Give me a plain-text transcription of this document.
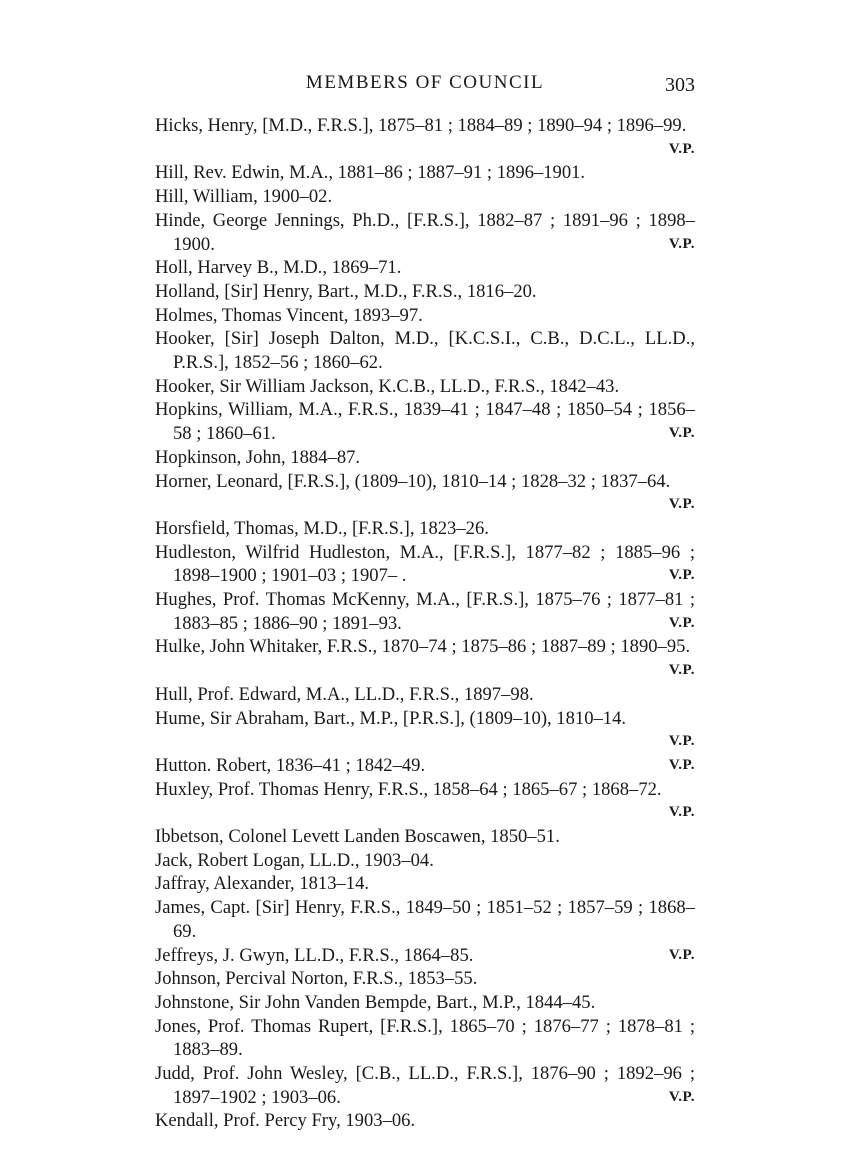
MEMBERS OF COUNCIL	303
Hicks, Henry, [M.D., F.R.S.], 1875–81 ; 1884–89 ; 1890–94 ; 1896–99.
V.P.
Hill, Rev. Edwin, M.A., 1881–86 ; 1887–91 ; 1896–1901.
Hill, William, 1900–02.
Hinde, George Jennings, Ph.D., [F.R.S.], 1882–87 ; 1891–96 ; 1898–1900.	V.P.
Holl, Harvey B., M.D., 1869–71.
Holland, [Sir] Henry, Bart., M.D., F.R.S., 1816–20.
Holmes, Thomas Vincent, 1893–97.
Hooker, [Sir] Joseph Dalton, M.D., [K.C.S.I., C.B., D.C.L., LL.D., P.R.S.], 1852–56 ; 1860–62.
Hooker, Sir William Jackson, K.C.B., LL.D., F.R.S., 1842–43.
Hopkins, William, M.A., F.R.S., 1839–41 ; 1847–48 ; 1850–54 ; 1856–58 ; 1860–61.	V.P.
Hopkinson, John, 1884–87.
Horner, Leonard, [F.R.S.], (1809–10), 1810–14 ; 1828–32 ; 1837–64.
V.P.
Horsfield, Thomas, M.D., [F.R.S.], 1823–26.
Hudleston, Wilfrid Hudleston, M.A., [F.R.S.], 1877–82 ; 1885–96 ; 1898–1900 ; 1901–03 ; 1907– .	V.P.
Hughes, Prof. Thomas McKenny, M.A., [F.R.S.], 1875–76 ; 1877–81 ; 1883–85 ; 1886–90 ; 1891–93.	V.P.
Hulke, John Whitaker, F.R.S., 1870–74 ; 1875–86 ; 1887–89 ; 1890–95.
V.P.
Hull, Prof. Edward, M.A., LL.D., F.R.S., 1897–98.
Hume, Sir Abraham, Bart., M.P., [P.R.S.], (1809–10), 1810–14.
V.P.
Hutton. Robert, 1836–41 ; 1842–49.	V.P.
Huxley, Prof. Thomas Henry, F.R.S., 1858–64 ; 1865–67 ; 1868–72.
V.P.
Ibbetson, Colonel Levett Landen Boscawen, 1850–51.
Jack, Robert Logan, LL.D., 1903–04.
Jaffray, Alexander, 1813–14.
James, Capt. [Sir] Henry, F.R.S., 1849–50 ; 1851–52 ; 1857–59 ; 1868–69.
Jeffreys, J. Gwyn, LL.D., F.R.S., 1864–85.	V.P.
Johnson, Percival Norton, F.R.S., 1853–55.
Johnstone, Sir John Vanden Bempde, Bart., M.P., 1844–45.
Jones, Prof. Thomas Rupert, [F.R.S.], 1865–70 ; 1876–77 ; 1878–81 ; 1883–89.
Judd, Prof. John Wesley, [C.B., LL.D., F.R.S.], 1876–90 ; 1892–96 ; 1897–1902 ; 1903–06.	V.P.
Kendall, Prof. Percy Fry, 1903–06.
